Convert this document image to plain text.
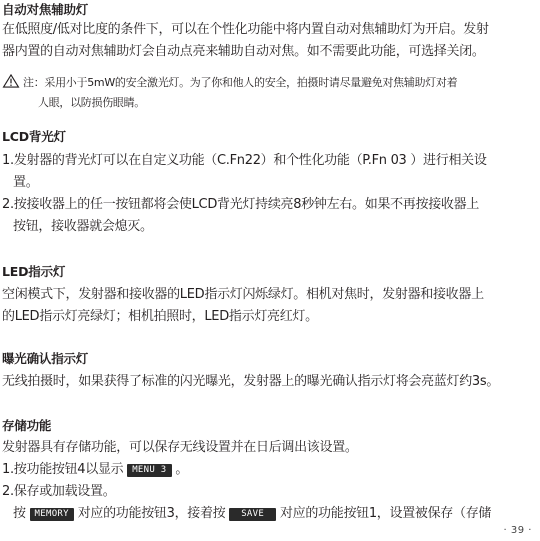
自动对焦辅助灯
在低照度/低对比度的条件下，可以在个性化功能中将内置自动对焦辅助灯为开启。发射
器内置的自动对焦辅助灯会自动点亮来辅助自动对焦。如不需要此功能，可选择关闭。
注：采用小于5mW的安全激光灯。为了你和他人的安全，拍摄时请尽量避免对焦辅助灯对着
人眼，以防损伤眼睛。
LCD背光灯
1.发射器的背光灯可以在自定义功能（C.Fn22）和个性化功能（P.Fn 03 ）进行相关设
置。
2.按接收器上的任一按钮都将会使LCD背光灯持续亮8秒钟左右。如果不再按接收器上
按钮，接收器就会熄灭。
LED指示灯
空闲模式下，发射器和接收器的LED指示灯闪烁绿灯。相机对焦时，发射器和接收器上
的LED指示灯亮绿灯；相机拍照时，LED指示灯亮红灯。
曝光确认指示灯
无线拍摄时，如果获得了标准的闪光曝光，发射器上的曝光确认指示灯将会亮蓝灯约3s。
存储功能
发射器具有存储功能，可以保存无线设置并在日后调出该设置。
1.按功能按钮4以显示 MENU 3 。
2.保存或加载设置。
按 MEMORY 对应的功能按钮3，接着按 SAVE 对应的功能按钮1，设置被保存（存储
· 39 ·
